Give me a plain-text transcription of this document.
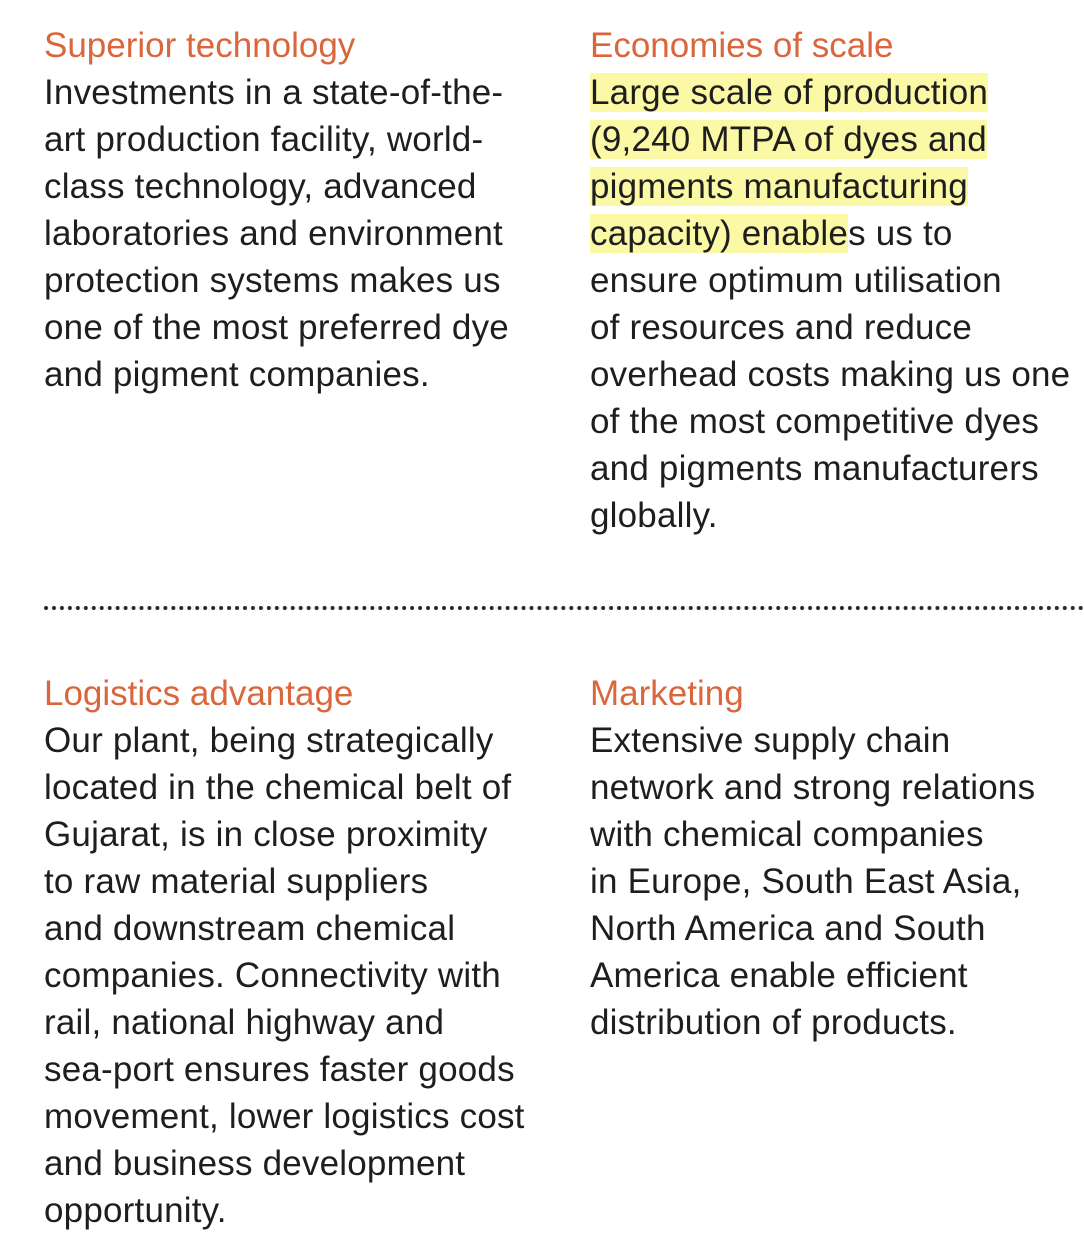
Superior technology
Investments in a state-of-the-
art production facility, world-
class technology, advanced
laboratories and environment
protection systems makes us
one of the most preferred dye
and pigment companies.
Economies of scale
Large scale of production
(9,240 MTPA of dyes and
pigments manufacturing
capacity) enables us to
ensure optimum utilisation
of resources and reduce
overhead costs making us one
of the most competitive dyes
and pigments manufacturers
globally.
Logistics advantage
Our plant, being strategically
located in the chemical belt of
Gujarat, is in close proximity
to raw material suppliers
and downstream chemical
companies. Connectivity with
rail, national highway and
sea-port ensures faster goods
movement, lower logistics cost
and business development
opportunity.
Marketing
Extensive supply chain
network and strong relations
with chemical companies
in Europe, South East Asia,
North America and South
America enable efficient
distribution of products.
